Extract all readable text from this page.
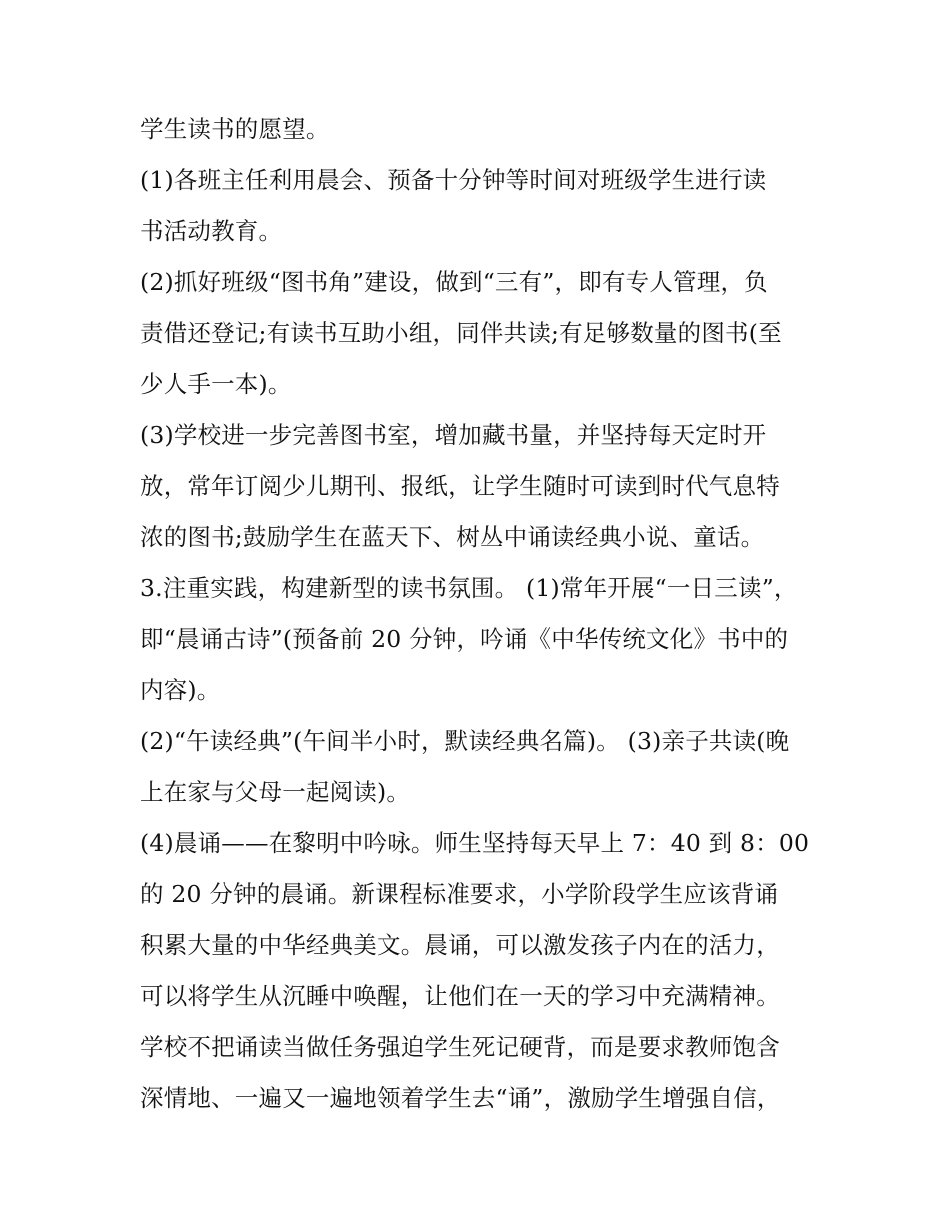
学生读书的愿望。
(1)各班主任利用晨会、预备十分钟等时间对班级学生进行读
书活动教育。
(2)抓好班级“图书角”建设，做到“三有”，即有专人管理，负
责借还登记;有读书互助小组，同伴共读;有足够数量的图书(至
少人手一本)。
(3)学校进一步完善图书室，增加藏书量，并坚持每天定时开
放，常年订阅少儿期刊、报纸，让学生随时可读到时代气息特
浓的图书;鼓励学生在蓝天下、树丛中诵读经典小说、童话。
3.注重实践，构建新型的读书氛围。 (1)常年开展“一日三读”，
即“晨诵古诗”(预备前 20 分钟，吟诵《中华传统文化》书中的
内容)。
(2)“午读经典”(午间半小时，默读经典名篇)。 (3)亲子共读(晚
上在家与父母一起阅读)。
(4)晨诵——在黎明中吟咏。师生坚持每天早上 7：40 到 8：00
的 20 分钟的晨诵。新课程标准要求，小学阶段学生应该背诵
积累大量的中华经典美文。晨诵，可以激发孩子内在的活力，
可以将学生从沉睡中唤醒，让他们在一天的学习中充满精神。
学校不把诵读当做任务强迫学生死记硬背，而是要求教师饱含
深情地、一遍又一遍地领着学生去“诵”，激励学生增强自信，
